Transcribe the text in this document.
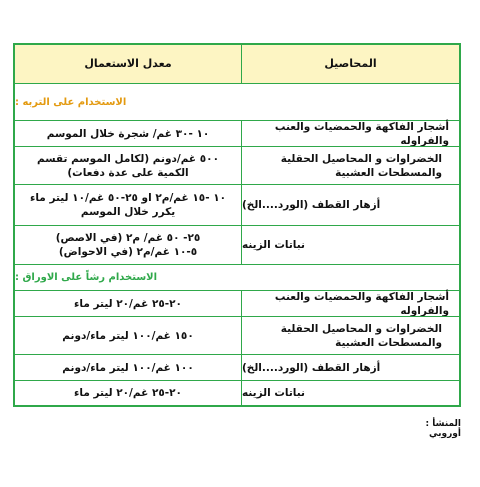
المحاصيل
معدل الاستعمال
الاستخدام على التربه :
أشجار الفاكهة والحمضيات والعنب والفراوله
١٠ -٣٠ غم/ شجرة خلال الموسم
الخضراوات و المحاصيل الحقلية والمسطحات العشبية
٥٠٠ غم/دونم (لكامل الموسم تقسم
الكمية على عدة دفعات)
أزهار القطف (الورد....الخ)
١٠ -١٥ غم/م٢ او ٢٥-٥٠ غم/١٠ ليتر ماء
يكرر خلال الموسم
نباتات الزينه
٢٥- ٥٠ غم/ م٢ (في الاصص)
٥-١٠ غم/م٢ (في الاحواض)
الاستخدام رشاً على الاوراق :
أشجار الفاكهة والحمضيات والعنب والفراوله
٢٠-٢٥ غم/٢٠ ليتر ماء
الخضراوات و المحاصيل الحقلية والمسطحات العشبية
١٥٠ غم/١٠٠ ليتر ماء/دونم
أزهار القطف (الورد....الخ)
١٠٠ غم/١٠٠ ليتر ماء/دونم
نباتات الزينه
٢٠-٢٥ غم/٢٠ ليتر ماء
المنشأ : أوروبي
